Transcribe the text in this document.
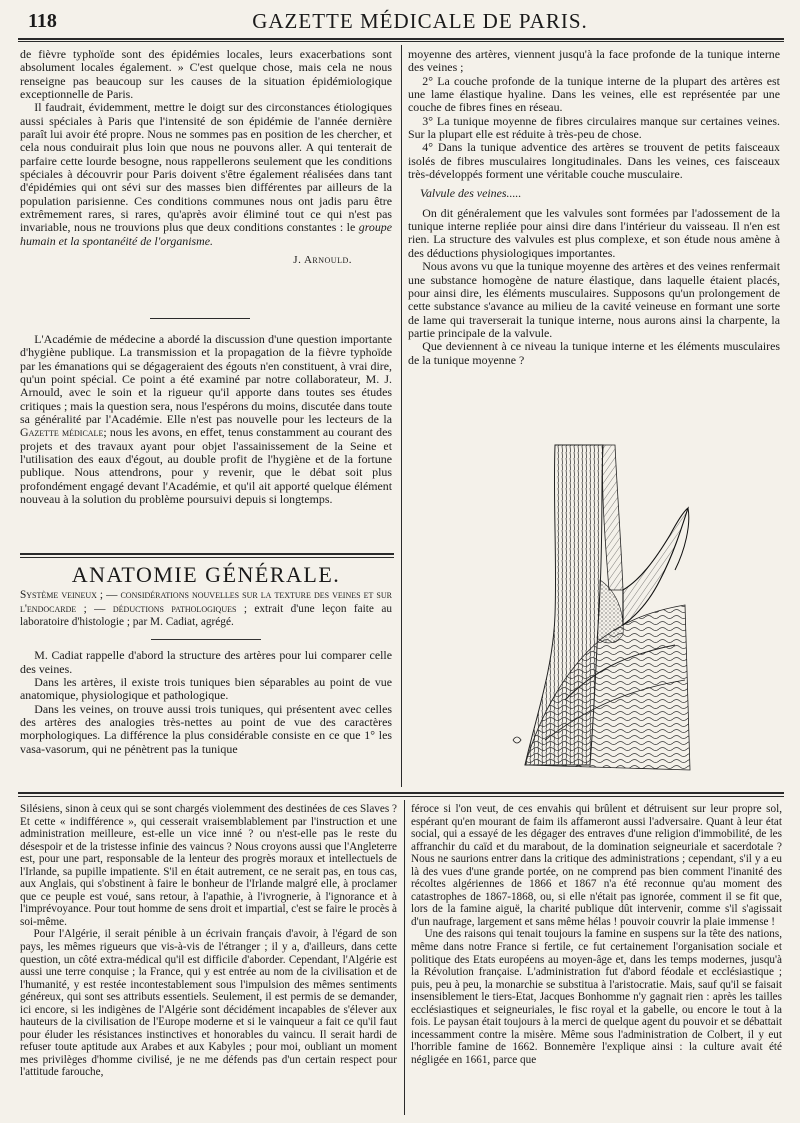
118	GAZETTE MÉDICALE DE PARIS.

de fièvre typhoïde sont des épidémies locales, leurs exacerbations sont absolument locales également. » C'est quelque chose, mais cela ne nous renseigne pas beaucoup sur les causes de la situation épidémiologique exceptionnelle de Paris.

Il faudrait, évidemment, mettre le doigt sur des circonstances étiologiques aussi spéciales à Paris que l'intensité de son épidémie de l'année dernière paraît lui avoir été propre. Nous ne sommes pas en position de les chercher, et cela nous conduirait plus loin que nous ne pouvons aller. A qui tenterait de parfaire cette lourde besogne, nous rappellerons seulement que les conditions spéciales à découvrir pour Paris doivent s'être également réalisées dans tant d'épidémies qui ont sévi sur des masses bien différentes par ailleurs de la population parisienne. Ces conditions communes nous ont jadis paru être extrêmement rares, si rares, qu'après avoir éliminé tout ce qui n'est pas invariable, nous ne trouvions plus que deux conditions constantes : le groupe humain et la spontanéité de l'organisme.

J. Arnould.

L'Académie de médecine a abordé la discussion d'une question importante d'hygiène publique. La transmission et la propagation de la fièvre typhoïde par les émanations qui se dégageraient des égouts n'en constituent, à vrai dire, qu'un point spécial. Ce point a été examiné par notre collaborateur, M. J. Arnould, avec le soin et la rigueur qu'il apporte dans toutes ses études critiques ; mais la question sera, nous l'espérons du moins, discutée dans toute sa généralité par l'Académie. Elle n'est pas nouvelle pour les lecteurs de la Gazette médicale; nous les avons, en effet, tenus constamment au courant des projets et des travaux ayant pour objet l'assainissement de la Seine et l'utilisation des eaux d'égout, au double profit de l'hygiène et de la fortune publique. Nous attendrons, pour y revenir, que le débat soit plus profondément engagé devant l'Académie, et qu'il ait apporté quelque élément nouveau à la solution du problème poursuivi depuis si longtemps.

ANATOMIE GÉNÉRALE.

Système veineux ; — considérations nouvelles sur la texture des veines et sur l'endocarde ; — déductions pathologiques ; extrait d'une leçon faite au laboratoire d'histologie ; par M. Cadiat, agrégé.

M. Cadiat rappelle d'abord la structure des artères pour lui comparer celle des veines.

Dans les artères, il existe trois tuniques bien séparables au point de vue anatomique, physiologique et pathologique.

Dans les veines, on trouve aussi trois tuniques, qui présentent avec celles des artères des analogies très-nettes au point de vue des caractères morphologiques. La différence la plus considérable consiste en ce que 1° les vasa-vasorum, qui ne pénètrent pas la tunique

moyenne des artères, viennent jusqu'à la face profonde de la tunique interne des veines ;

2° La couche profonde de la tunique interne de la plupart des artères est une lame élastique hyaline. Dans les veines, elle est représentée par une couche de fibres fines en réseau.

3° La tunique moyenne de fibres circulaires manque sur certaines veines. Sur la plupart elle est réduite à très-peu de chose.

4° Dans la tunique adventice des artères se trouvent de petits faisceaux isolés de fibres musculaires longitudinales. Dans les veines, ces faisceaux très-développés forment une véritable couche musculaire.

Valvule des veines.....

On dit généralement que les valvules sont formées par l'adossement de la tunique interne repliée pour ainsi dire dans l'intérieur du vaisseau. Il n'en est rien. La structure des valvules est plus complexe, et son étude nous amène à des déductions physiologiques importantes.

Nous avons vu que la tunique moyenne des artères et des veines renfermait une substance homogène de nature élastique, dans laquelle étaient placés, pour ainsi dire, les éléments musculaires. Supposons qu'un prolongement de cette substance s'avance au milieu de la cavité veineuse en formant une sorte de lame qui traverserait la tunique interne, nous aurons ainsi la charpente, la partie principale de la valvule.

Que deviennent à ce niveau la tunique interne et les éléments musculaires de la tunique moyenne ?

Silésiens, sinon à ceux qui se sont chargés violemment des destinées de ces Slaves ? Et cette « indifférence », qui cesserait vraisemblablement par l'instruction et une administration meilleure, est-elle un vice inné ? ou n'est-elle pas le reste du désespoir et de la tristesse infinie des vaincus ? Nous croyons aussi que l'Angleterre est, pour une part, responsable de la lenteur des progrès moraux et intellectuels de l'Irlande, sa pupille impatiente. S'il en était autrement, ce ne serait pas, en tous cas, aux Anglais, qui s'obstinent à faire le bonheur de l'Irlande malgré elle, à proclamer que ce peuple est voué, sans retour, à l'apathie, à l'ivrognerie, à l'ignorance et à l'imprévoyance. Pour tout homme de sens droit et impartial, c'est se faire le procès à soi-même.

Pour l'Algérie, il serait pénible à un écrivain français d'avoir, à l'égard de son pays, les mêmes rigueurs que vis-à-vis de l'étranger ; il y a, d'ailleurs, dans cette question, un côté extra-médical qu'il est difficile d'aborder. Cependant, l'Algérie est aussi une terre conquise ; la France, qui y est entrée au nom de la civilisation et de l'humanité, y est restée incontestablement sous l'impulsion des mêmes sentiments généreux, qui sont ses attributs essentiels. Seulement, il est permis de se demander, ici encore, si les indigènes de l'Algérie sont décidément incapables de s'élever aux hauteurs de la civilisation de l'Europe moderne et si le vainqueur a fait ce qu'il faut pour éluder les résistances instinctives et honorables du vaincu. Il serait hardi de refuser toute aptitude aux Arabes et aux Kabyles ; pour moi, oubliant un moment mes privilèges d'homme civilisé, je ne me défends pas d'un certain respect pour l'attitude farouche,

féroce si l'on veut, de ces envahis qui brûlent et détruisent sur leur propre sol, espérant qu'en mourant de faim ils affameront aussi l'adversaire. Quant à leur état social, qui a essayé de les dégager des entraves d'une religion d'immobilité, de les affranchir du caïd et du marabout, de la domination seigneuriale et sacerdotale ? Nous ne saurions entrer dans la critique des administrations ; cependant, s'il y a eu là des vues d'une grande portée, on ne comprend pas bien comment l'inanité des récoltes algériennes de 1866 et 1867 n'a été reconnue qu'au moment des catastrophes de 1867-1868, ou, si elle n'était pas ignorée, comment il se fit que, lors de la famine aiguë, la charité publique dût intervenir, comme s'il s'agissait d'un naufrage, largement et sans même hélas ! pouvoir couvrir la plaie immense !

Une des raisons qui tenait toujours la famine en suspens sur la tête des nations, même dans notre France si fertile, ce fut certainement l'organisation sociale et politique des Etats européens au moyen-âge et, dans les temps modernes, jusqu'à la Révolution française. L'administration fut d'abord féodale et ecclésiastique ; puis, peu à peu, la monarchie se substitua à l'aristocratie. Mais, sauf qu'il se faisait insensiblement le tiers-Etat, Jacques Bonhomme n'y gagnait rien : après les tailles ecclésiastiques et seigneuriales, le fisc royal et la gabelle, ou encore le tout à la fois. Le paysan était toujours à la merci de quelque agent du pouvoir et se débattait incessamment contre la misère. Même sous l'administration de Colbert, il y eut l'horrible famine de 1662. Bonnemère l'explique ainsi : la culture avait été négligée en 1661, parce que
